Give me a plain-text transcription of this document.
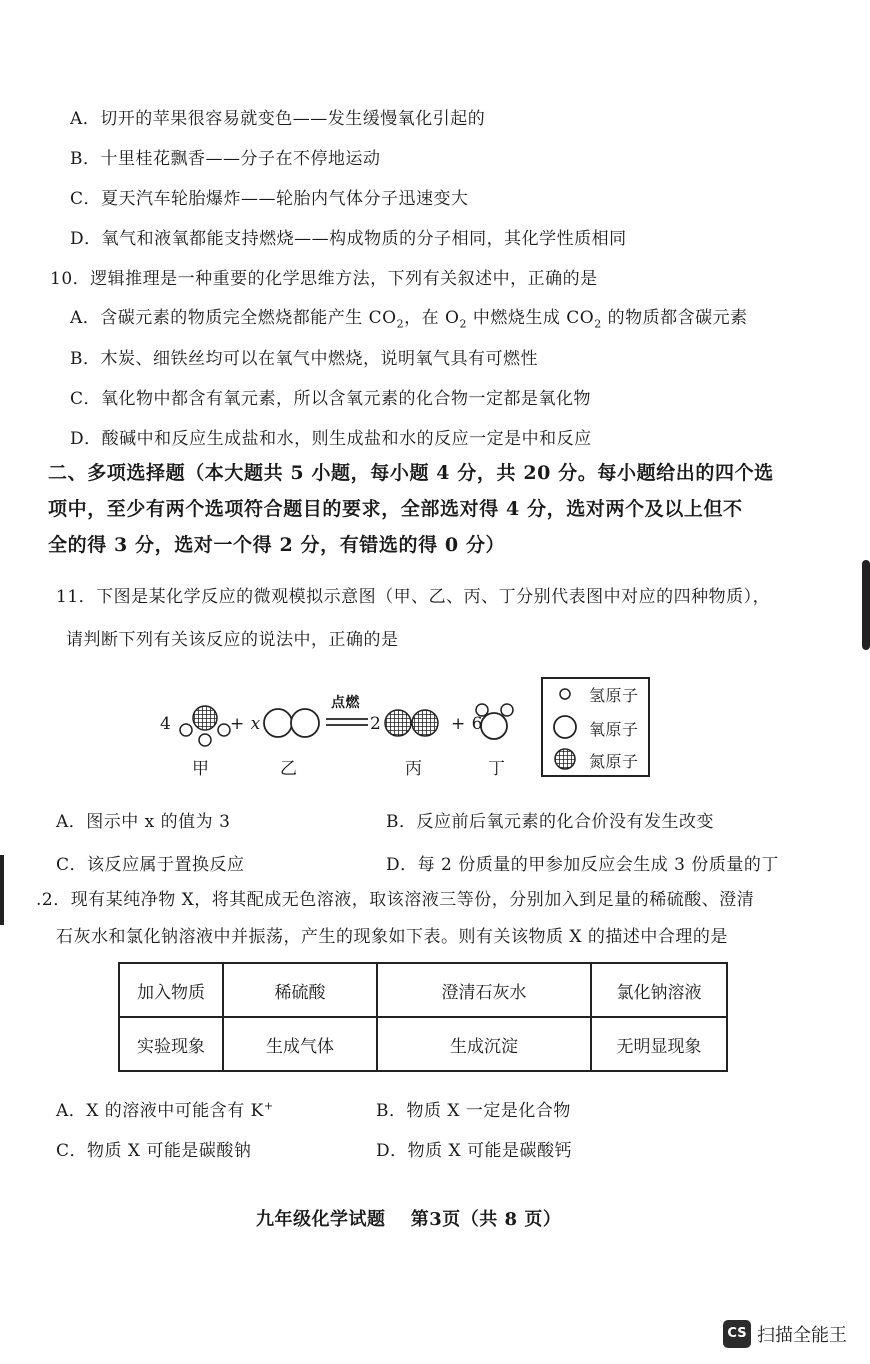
A．切开的苹果很容易就变色——发生缓慢氧化引起的
B．十里桂花飘香——分子在不停地运动
C．夏天汽车轮胎爆炸——轮胎内气体分子迅速变大
D．氧气和液氧都能支持燃烧——构成物质的分子相同，其化学性质相同
10．逻辑推理是一种重要的化学思维方法，下列有关叙述中，正确的是
A．含碳元素的物质完全燃烧都能产生 $CO_2$，在 $O_2$ 中燃烧生成 $CO_2$ 的物质都含碳元素
B．木炭、细铁丝均可以在氧气中燃烧，说明氧气具有可燃性
C．氧化物中都含有氧元素，所以含氧元素的化合物一定都是氧化物
D．酸碱中和反应生成盐和水，则生成盐和水的反应一定是中和反应
二、多项选择题（本大题共 5 小题，每小题 4 分，共 20 分。每小题给出的四个选
项中，至少有两个选项符合题目的要求，全部选对得 4 分，选对两个及以上但不
全的得 3 分，选对一个得 2 分，有错选的得 0 分）
11．下图是某化学反应的微观模拟示意图（甲、乙、丙、丁分别代表图中对应的四种物质），
请判断下列有关该反应的说法中，正确的是
4	+ x
点燃
2	+ 6
甲	乙	丙	丁
氢原子
氧原子
氮原子
A．图示中 x 的值为 3	B．反应前后氧元素的化合价没有发生改变
C．该反应属于置换反应	D．每 2 份质量的甲参加反应会生成 3 份质量的丁
.2．现有某纯净物 X，将其配成无色溶液，取该溶液三等份，分别加入到足量的稀硫酸、澄清
石灰水和氯化钠溶液中并振荡，产生的现象如下表。则有关该物质 X 的描述中合理的是
加入物质	稀硫酸	澄清石灰水	氯化钠溶液
实验现象	生成气体	生成沉淀	无明显现象
A．X 的溶液中可能含有 K+	B．物质 X 一定是化合物
C．物质 X 可能是碳酸钠	D．物质 X 可能是碳酸钙
九年级化学试题　 第3页（共 8 页）
CS 扫描全能王
